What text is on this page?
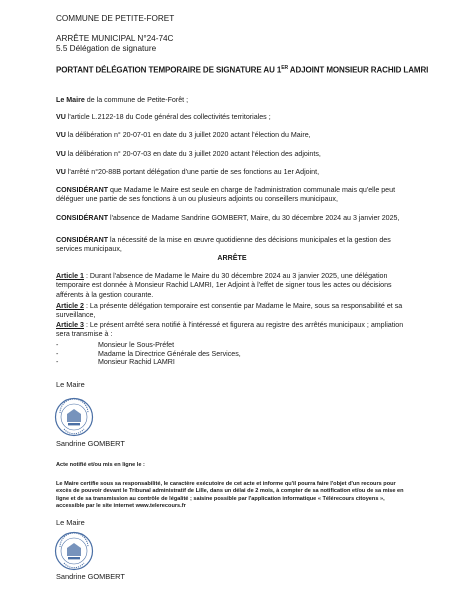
COMMUNE DE PETITE-FORET
ARRÊTE MUNICIPAL N°24-74C
5.5 Délégation de signature
PORTANT DÉLÉGATION TEMPORAIRE DE SIGNATURE AU 1ER ADJOINT MONSIEUR RACHID LAMRI
Le Maire de la commune de Petite-Forêt ;
VU l'article L.2122-18 du Code général des collectivités territoriales ;
VU la délibération n° 20-07-01 en date du 3 juillet 2020 actant l'élection du Maire,
VU la délibération n° 20-07-03 en date du 3 juillet 2020 actant l'élection des adjoints,
VU l'arrêté n°20-88B portant délégation d'une partie de ses fonctions au 1er Adjoint,
CONSIDÉRANT que Madame le Maire est seule en charge de l'administration communale mais qu'elle peut déléguer une partie de ses fonctions à un ou plusieurs adjoints ou conseillers municipaux,
CONSIDÉRANT l'absence de Madame Sandrine GOMBERT, Maire, du 30 décembre 2024 au 3 janvier 2025,
CONSIDÉRANT la nécessité de la mise en œuvre quotidienne des décisions municipales et la gestion des services municipaux,
ARRÊTE
Article 1 : Durant l'absence de Madame le Maire du 30 décembre 2024 au 3 janvier 2025, une délégation temporaire est donnée à Monsieur Rachid LAMRI, 1er Adjoint à l'effet de signer tous les actes ou décisions afférents à la gestion courante.
Article 2 : La présente délégation temporaire est consentie par Madame le Maire, sous sa responsabilité et sa surveillance,
Article 3 : Le présent arrêté sera notifié à l'intéressé et figurera au registre des arrêtés municipaux ; ampliation sera transmise à :
-	Monsieur le Sous-Préfet
-	Madame la Directrice Générale des Services,
-	Monsieur Rachid LAMRI
Le Maire
Sandrine GOMBERT
Acte notifié et/ou mis en ligne le :
Le Maire certifie sous sa responsabilité, le caractère exécutoire de cet acte et informe qu'il pourra faire l'objet d'un recours pour excès de pouvoir devant le Tribunal administratif de Lille, dans un délai de 2 mois, à compter de sa notification et/ou de sa mise en ligne et de sa transmission au contrôle de légalité ; saisine possible par l'application informatique « Télérecours citoyens », accessible par le site internet www.telerecours.fr
Le Maire
Sandrine GOMBERT
